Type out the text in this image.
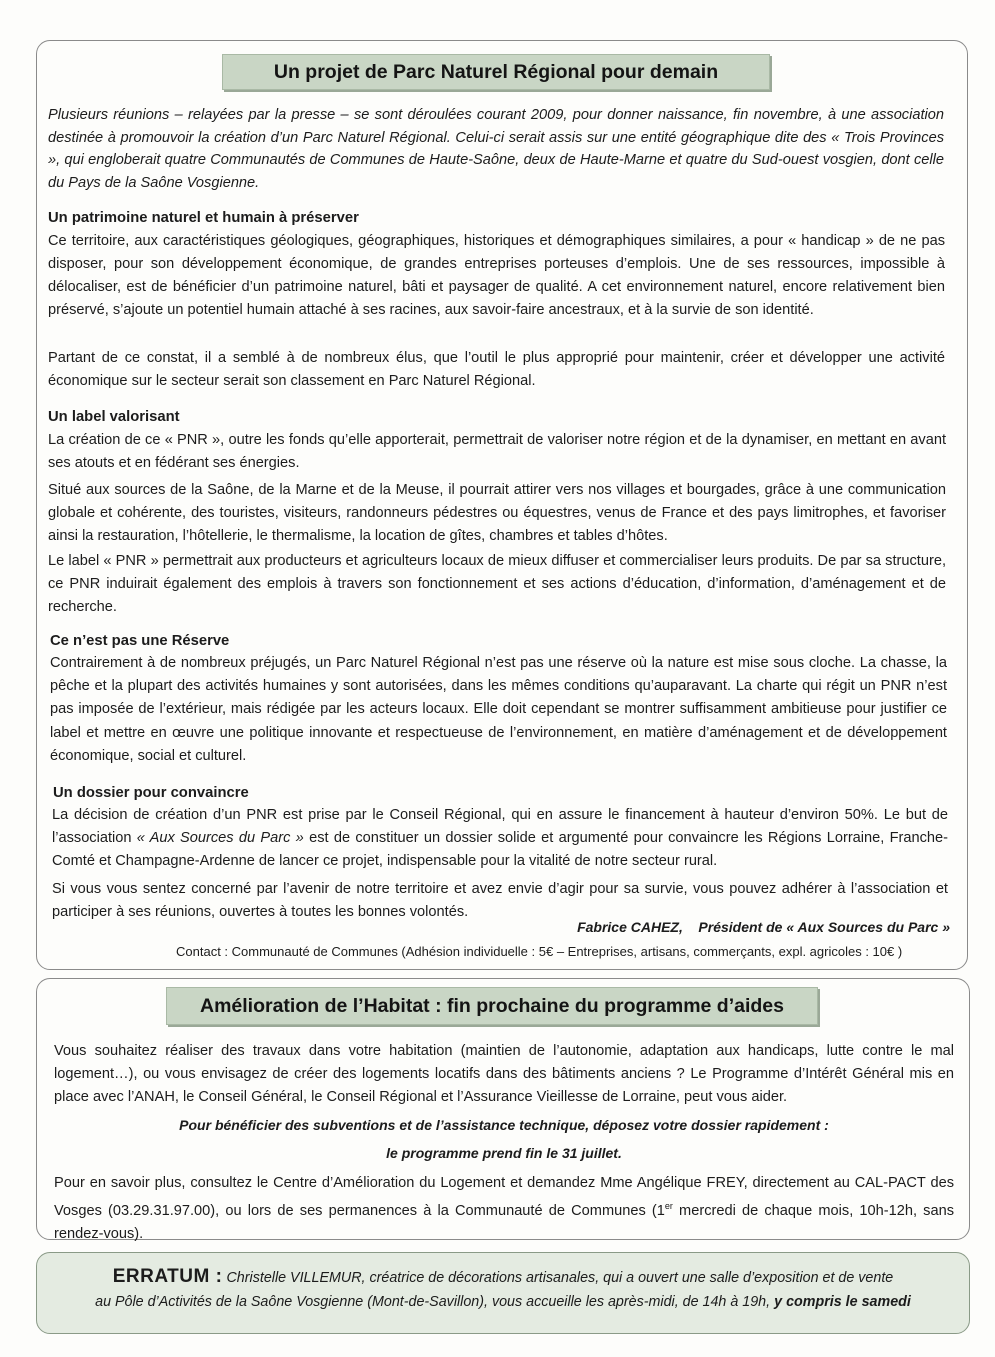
Un projet de Parc Naturel Régional pour demain
Plusieurs réunions – relayées par la presse – se sont déroulées courant 2009, pour donner naissance, fin novembre, à une association destinée à promouvoir la création d’un Parc Naturel Régional. Celui-ci serait assis sur une entité géographique dite des « Trois Provinces », qui engloberait quatre Communautés de Communes de Haute-Saône, deux de Haute-Marne et quatre du Sud-ouest vosgien, dont celle du Pays de la Saône Vosgienne.
Un patrimoine naturel et humain à préserver
Ce territoire, aux caractéristiques géologiques, géographiques, historiques et démographiques similaires, a pour « handicap » de ne pas disposer, pour son développement économique, de grandes entreprises porteuses d’emplois. Une de ses ressources, impossible à délocaliser, est de bénéficier d’un patrimoine naturel, bâti et paysager de qualité. A cet environnement naturel, encore relativement bien préservé, s’ajoute un potentiel humain attaché à ses racines, aux savoir-faire ancestraux, et à la survie de son identité.
Partant de ce constat, il a semblé à de nombreux élus, que l’outil le plus approprié pour maintenir, créer et développer une activité économique sur le secteur serait son classement en Parc Naturel Régional.
Un label valorisant
La création de ce « PNR », outre les fonds qu’elle apporterait, permettrait de valoriser notre région et de la dynamiser, en mettant en avant ses atouts et en fédérant ses énergies.
Situé aux sources de la Saône, de la Marne et de la Meuse, il pourrait attirer vers nos villages et bourgades, grâce à une communication globale et cohérente, des touristes, visiteurs, randonneurs pédestres ou équestres, venus de France et des pays limitrophes, et favoriser ainsi la restauration, l’hôtellerie, le thermalisme, la location de gîtes, chambres et tables d’hôtes.
Le label « PNR » permettrait aux producteurs et agriculteurs locaux de mieux diffuser et commercialiser leurs produits. De par sa structure, ce PNR induirait également des emplois à travers son fonctionnement et ses actions d’éducation, d’information, d’aménagement et de recherche.
Ce n’est pas une Réserve
Contrairement à de nombreux préjugés, un Parc Naturel Régional n’est pas une réserve où la nature est mise sous cloche. La chasse, la pêche et la plupart des activités humaines y sont autorisées, dans les mêmes conditions qu’auparavant. La charte qui régit un PNR n’est pas imposée de l’extérieur, mais rédigée par les acteurs locaux. Elle doit cependant se montrer suffisamment ambitieuse pour justifier ce label et mettre en œuvre une politique innovante et respectueuse de l’environnement, en matière d’aménagement et de développement économique, social et culturel.
Un dossier pour convaincre
La décision de création d’un PNR est prise par le Conseil Régional, qui en assure le financement à hauteur d’environ 50%. Le but de l’association « Aux Sources du Parc » est de constituer un dossier solide et argumenté pour convaincre les Régions Lorraine, Franche-Comté et Champagne-Ardenne de lancer ce projet, indispensable pour la vitalité de notre secteur rural.
Si vous vous sentez concerné par l’avenir de notre territoire et avez envie d’agir pour sa survie, vous pouvez adhérer à l’association et participer à ses réunions, ouvertes à toutes les bonnes volontés.
Fabrice CAHEZ,    Président de « Aux Sources du Parc »
Contact : Communauté de Communes (Adhésion individuelle : 5€ – Entreprises, artisans, commerçants, expl. agricoles : 10€ )
Amélioration de l’Habitat : fin prochaine du programme d’aides
Vous souhaitez réaliser des travaux dans votre habitation (maintien de l’autonomie, adaptation aux handicaps, lutte contre le mal logement…), ou vous envisagez de créer des logements locatifs dans des bâtiments anciens ? Le Programme d’Intérêt Général mis en place avec l’ANAH, le Conseil Général, le Conseil Régional et l’Assurance Vieillesse de Lorraine, peut vous aider.
Pour bénéficier des subventions et de l’assistance technique, déposez votre dossier rapidement :
le programme prend fin le 31 juillet.
Pour en savoir plus, consultez le Centre d’Amélioration du Logement et demandez Mme Angélique FREY, directement au CAL-PACT des Vosges (03.29.31.97.00), ou lors de ses permanences à la Communauté de Communes (1er mercredi de chaque mois, 10h-12h, sans rendez-vous).
ERRATUM : Christelle VILLEMUR, créatrice de décorations artisanales, qui a ouvert une salle d’exposition et de vente
au Pôle d’Activités de la Saône Vosgienne (Mont-de-Savillon), vous accueille les après-midi, de 14h à 19h, y compris le samedi
